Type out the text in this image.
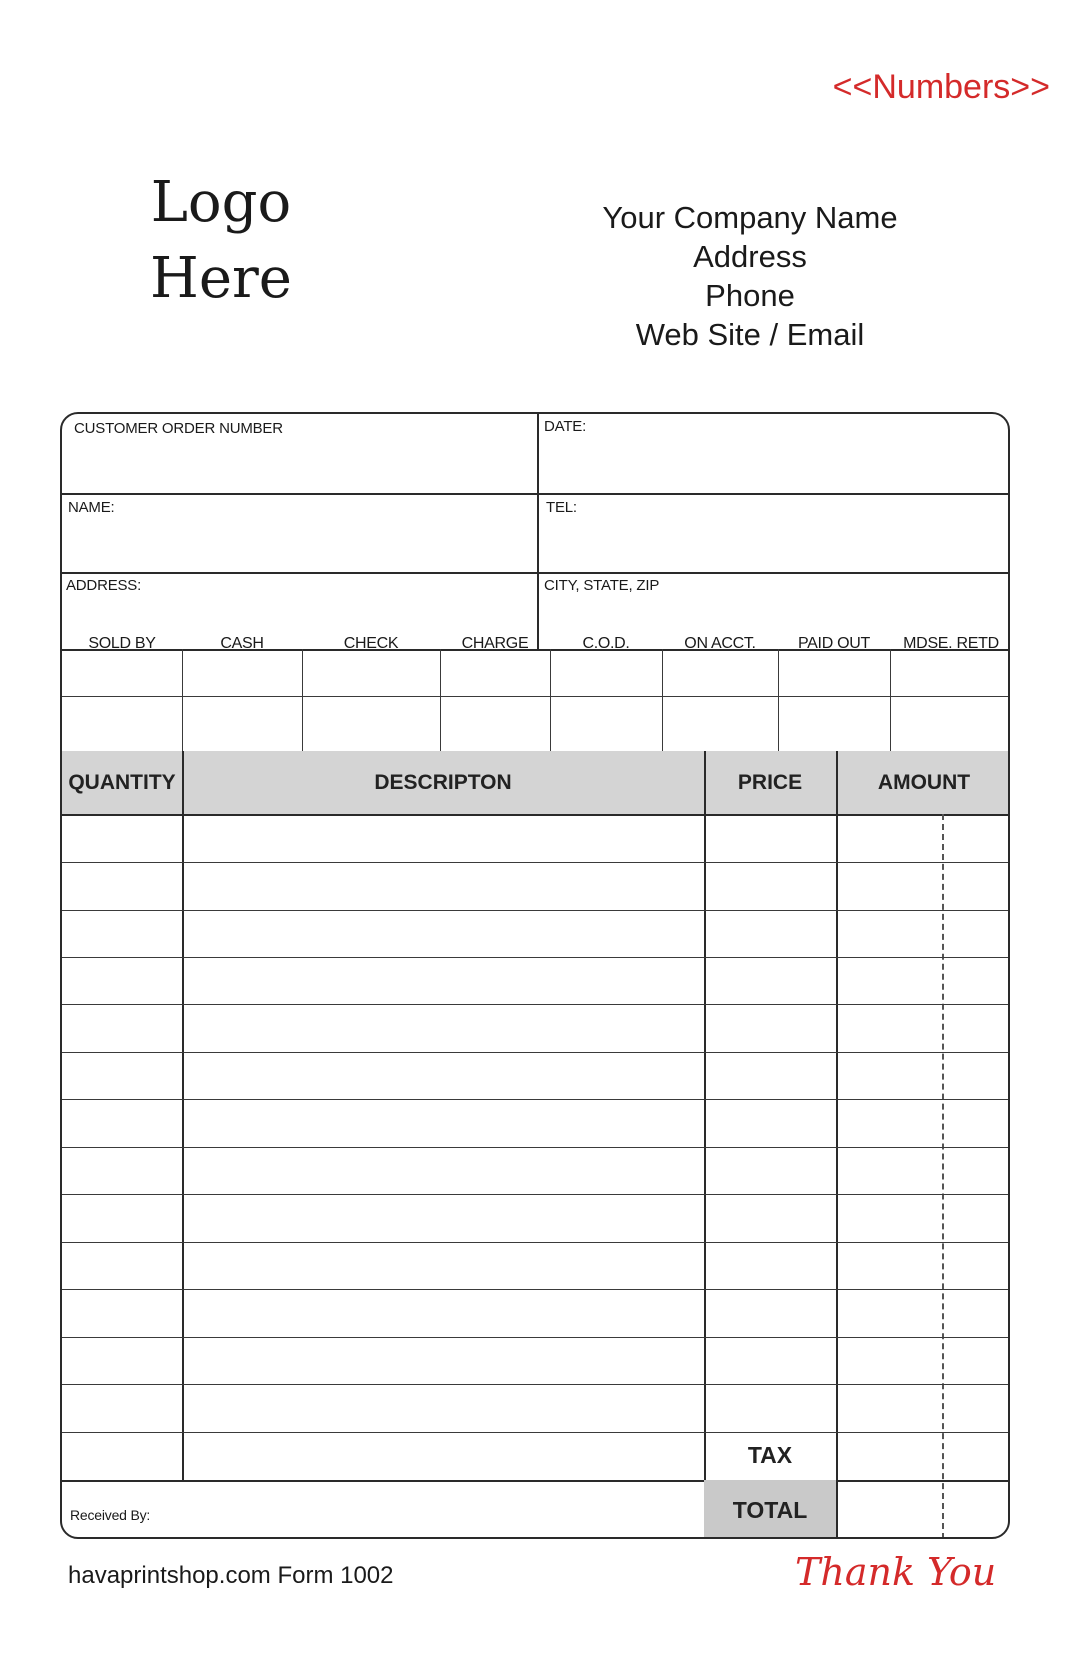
<<Numbers>>
Logo
Here
Your Company Name
Address
Phone
Web Site / Email
CUSTOMER ORDER NUMBER	DATE:
NAME:	TEL:
ADDRESS:	CITY, STATE, ZIP
SOLD BY	CASH	CHECK	CHARGE	C.O.D.	ON ACCT.	PAID OUT	MDSE. RETD
QUANTITY	DESCRIPTON	PRICE	AMOUNT
TAX
TOTAL
Received By:
havaprintshop.com Form 1002	Thank You
